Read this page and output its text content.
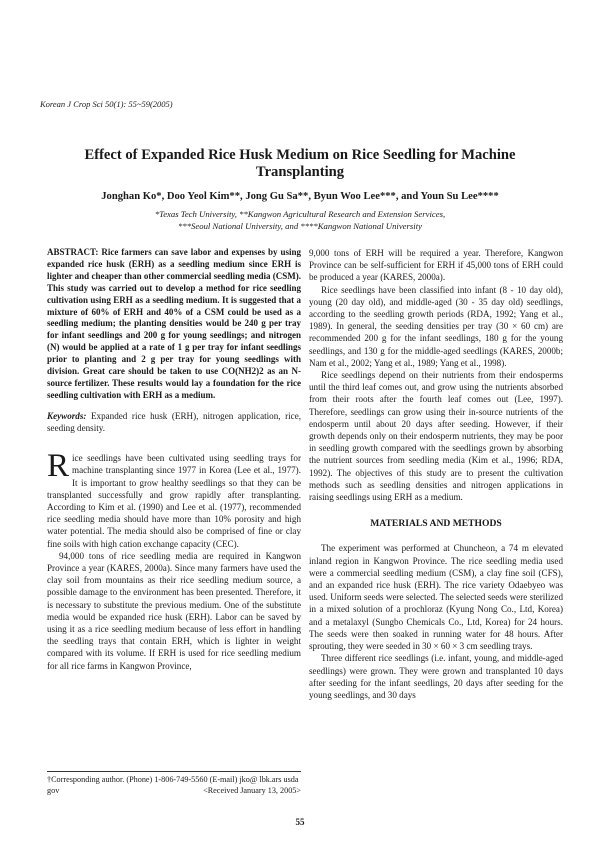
Korean J Crop Sci 50(1): 55~59(2005)
Effect of Expanded Rice Husk Medium on Rice Seedling for Machine Transplanting
Jonghan Ko*, Doo Yeol Kim**, Jong Gu Sa**, Byun Woo Lee***, and Youn Su Lee****
*Texas Tech University, **Kangwon Agricultural Research and Extension Services,
***Seoul National University, and ****Kangwon National University
ABSTRACT: Rice farmers can save labor and expenses by using expanded rice husk (ERH) as a seedling medium since ERH is lighter and cheaper than other commercial seedling media (CSM). This study was carried out to develop a method for rice seedling cultivation using ERH as a seedling medium. It is suggested that a mixture of 60% of ERH and 40% of a CSM could be used as a seedling medium; the planting densities would be 240 g per tray for infant seedlings and 200 g for young seedlings; and nitrogen (N) would be applied at a rate of 1 g per tray for infant seedlings prior to planting and 2 g per tray for young seedlings with division. Great care should be taken to use CO(NH2)2 as an N-source fertilizer. These results would lay a foundation for the rice seedling cultivation with ERH as a medium.
Keywords: Expanded rice husk (ERH), nitrogen application, rice, seeding density.

Rice seedlings have been cultivated using seedling trays for machine transplanting since 1977 in Korea (Lee et al., 1977). It is important to grow healthy seedlings so that they can be transplanted successfully and grow rapidly after transplanting. According to Kim et al. (1990) and Lee et al. (1977), recommended rice seedling media should have more than 10% porosity and high water potential. The media should also be comprised of fine or clay fine soils with high cation exchange capacity (CEC).

94,000 tons of rice seedling media are required in Kangwon Province a year (KARES, 2000a). Since many farmers have used the clay soil from mountains as their rice seedling medium source, a possible damage to the environment has been presented. Therefore, it is necessary to substitute the previous medium. One of the substitute media would be expanded rice husk (ERH). Labor can be saved by using it as a rice seedling medium because of less effort in handling the seedling trays that contain ERH, which is lighter in weight compared with its volume. If ERH is used for rice seedling medium for all rice farms in Kangwon Province,

9,000 tons of ERH will be required a year. Therefore, Kangwon Province can be self-sufficient for ERH if 45,000 tons of ERH could be produced a year (KARES, 2000a).

Rice seedlings have been classified into infant (8 - 10 day old), young (20 day old), and middle-aged (30 - 35 day old) seedlings, according to the seedling growth periods (RDA, 1992; Yang et al., 1989). In general, the seeding densities per tray (30 × 60 cm) are recommended 200 g for the infant seedlings, 180 g for the young seedlings, and 130 g for the middle-aged seedlings (KARES, 2000b; Nam et al., 2002; Yang et al., 1989; Yang et al., 1998).

Rice seedlings depend on their nutrients from their endosperms until the third leaf comes out, and grow using the nutrients absorbed from their roots after the fourth leaf comes out (Lee, 1997). Therefore, seedlings can grow using their in-source nutrients of the endosperm until about 20 days after seeding. However, if their growth depends only on their endosperm nutrients, they may be poor in seedling growth compared with the seedlings grown by absorbing the nutrient sources from seedling media (Kim et al., 1996; RDA, 1992). The objectives of this study are to present the cultivation methods such as seedling densities and nitrogen applications in raising seedlings using ERH as a medium.

MATERIALS AND METHODS

The experiment was performed at Chuncheon, a 74 m elevated inland region in Kangwon Province. The rice seedling media used were a commercial seedling medium (CSM), a clay fine soil (CFS), and an expanded rice husk (ERH). The rice variety Odaebyeo was used. Uniform seeds were selected. The selected seeds were sterilized in a mixed solution of a prochloraz (Kyung Nong Co., Ltd, Korea) and a metalaxyl (Sungbo Chemicals Co., Ltd, Korea) for 24 hours. The seeds were then soaked in running water for 48 hours. After sprouting, they were seeded in 30 × 60 × 3 cm seedling trays.

Three different rice seedlings (i.e. infant, young, and middle-aged seedlings) were grown. They were grown and transplanted 10 days after seeding for the infant seedlings, 20 days after seeding for the young seedlings, and 30 days

†Corresponding author. (Phone) 1-806-749-5560 (E-mail) jko@ lbk.ars usda gov	<Received January 13, 2005>
55
